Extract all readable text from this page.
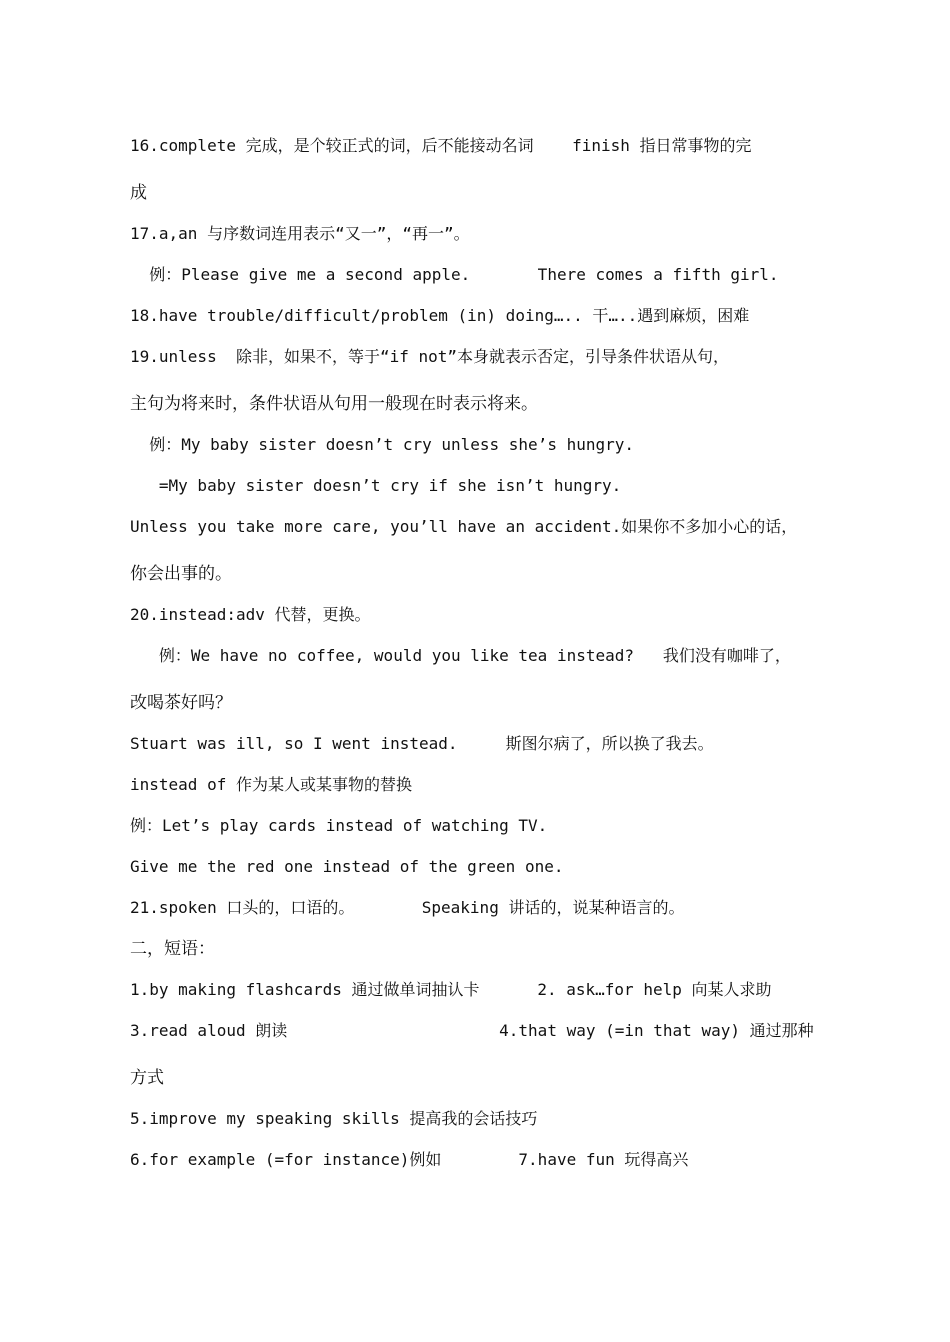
16.complete 完成，是个较正式的词，后不能接动名词    finish 指日常事物的完
成
17.a,an 与序数词连用表示“又一”，“再一”。
例：Please give me a second apple.       There comes a fifth girl.
18.have trouble/difficult/problem (in) doing….. 干…..遇到麻烦，困难
19.unless  除非，如果不，等于“if not”本身就表示否定，引导条件状语从句，
主句为将来时，条件状语从句用一般现在时表示将来。
例：My baby sister doesn’t cry unless she’s hungry.
=My baby sister doesn’t cry if she isn’t hungry.
Unless you take more care, you’ll have an accident.如果你不多加小心的话，
你会出事的。
20.instead:adv 代替，更换。
例：We have no coffee, would you like tea instead?   我们没有咖啡了，
改喝茶好吗？
Stuart was ill, so I went instead.     斯图尔病了，所以换了我去。
instead of 作为某人或某事物的替换
例：Let’s play cards instead of watching TV.
Give me the red one instead of the green one.
21.spoken 口头的，口语的。       Speaking 讲话的，说某种语言的。
二，短语：
1.by making flashcards 通过做单词抽认卡      2. ask…for help 向某人求助
3.read aloud 朗读                      4.that way (=in that way) 通过那种
方式
5.improve my speaking skills 提高我的会话技巧
6.for example (=for instance)例如        7.have fun 玩得高兴
